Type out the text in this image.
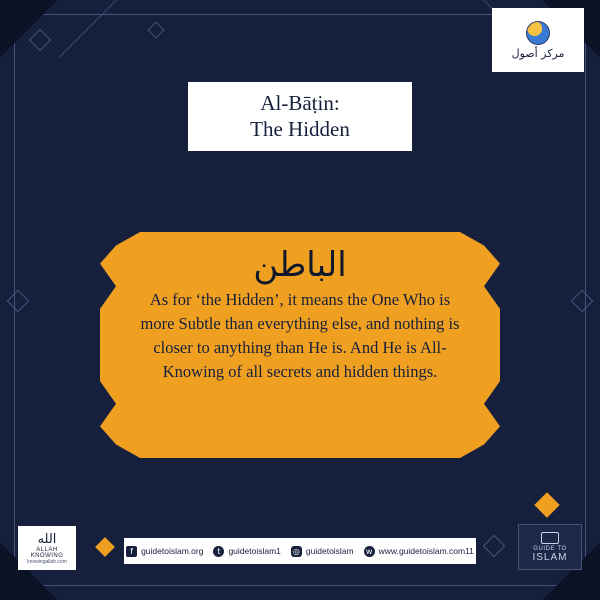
مركز أصول
Al-Bāṭin:
The Hidden
الباطن
As for ‘the Hidden’, it means the One Who is more Subtle than everything else, and nothing is closer to anything than He is. And He is All-Knowing of all secrets and hidden things.
f guidetoislam.org	t guidetoislam1 ◎ guidetoislam w www.guidetoislam.com11
الله
ALLAH
KNOWING
knowingallah.com
GUIDE TO
ISLAM
